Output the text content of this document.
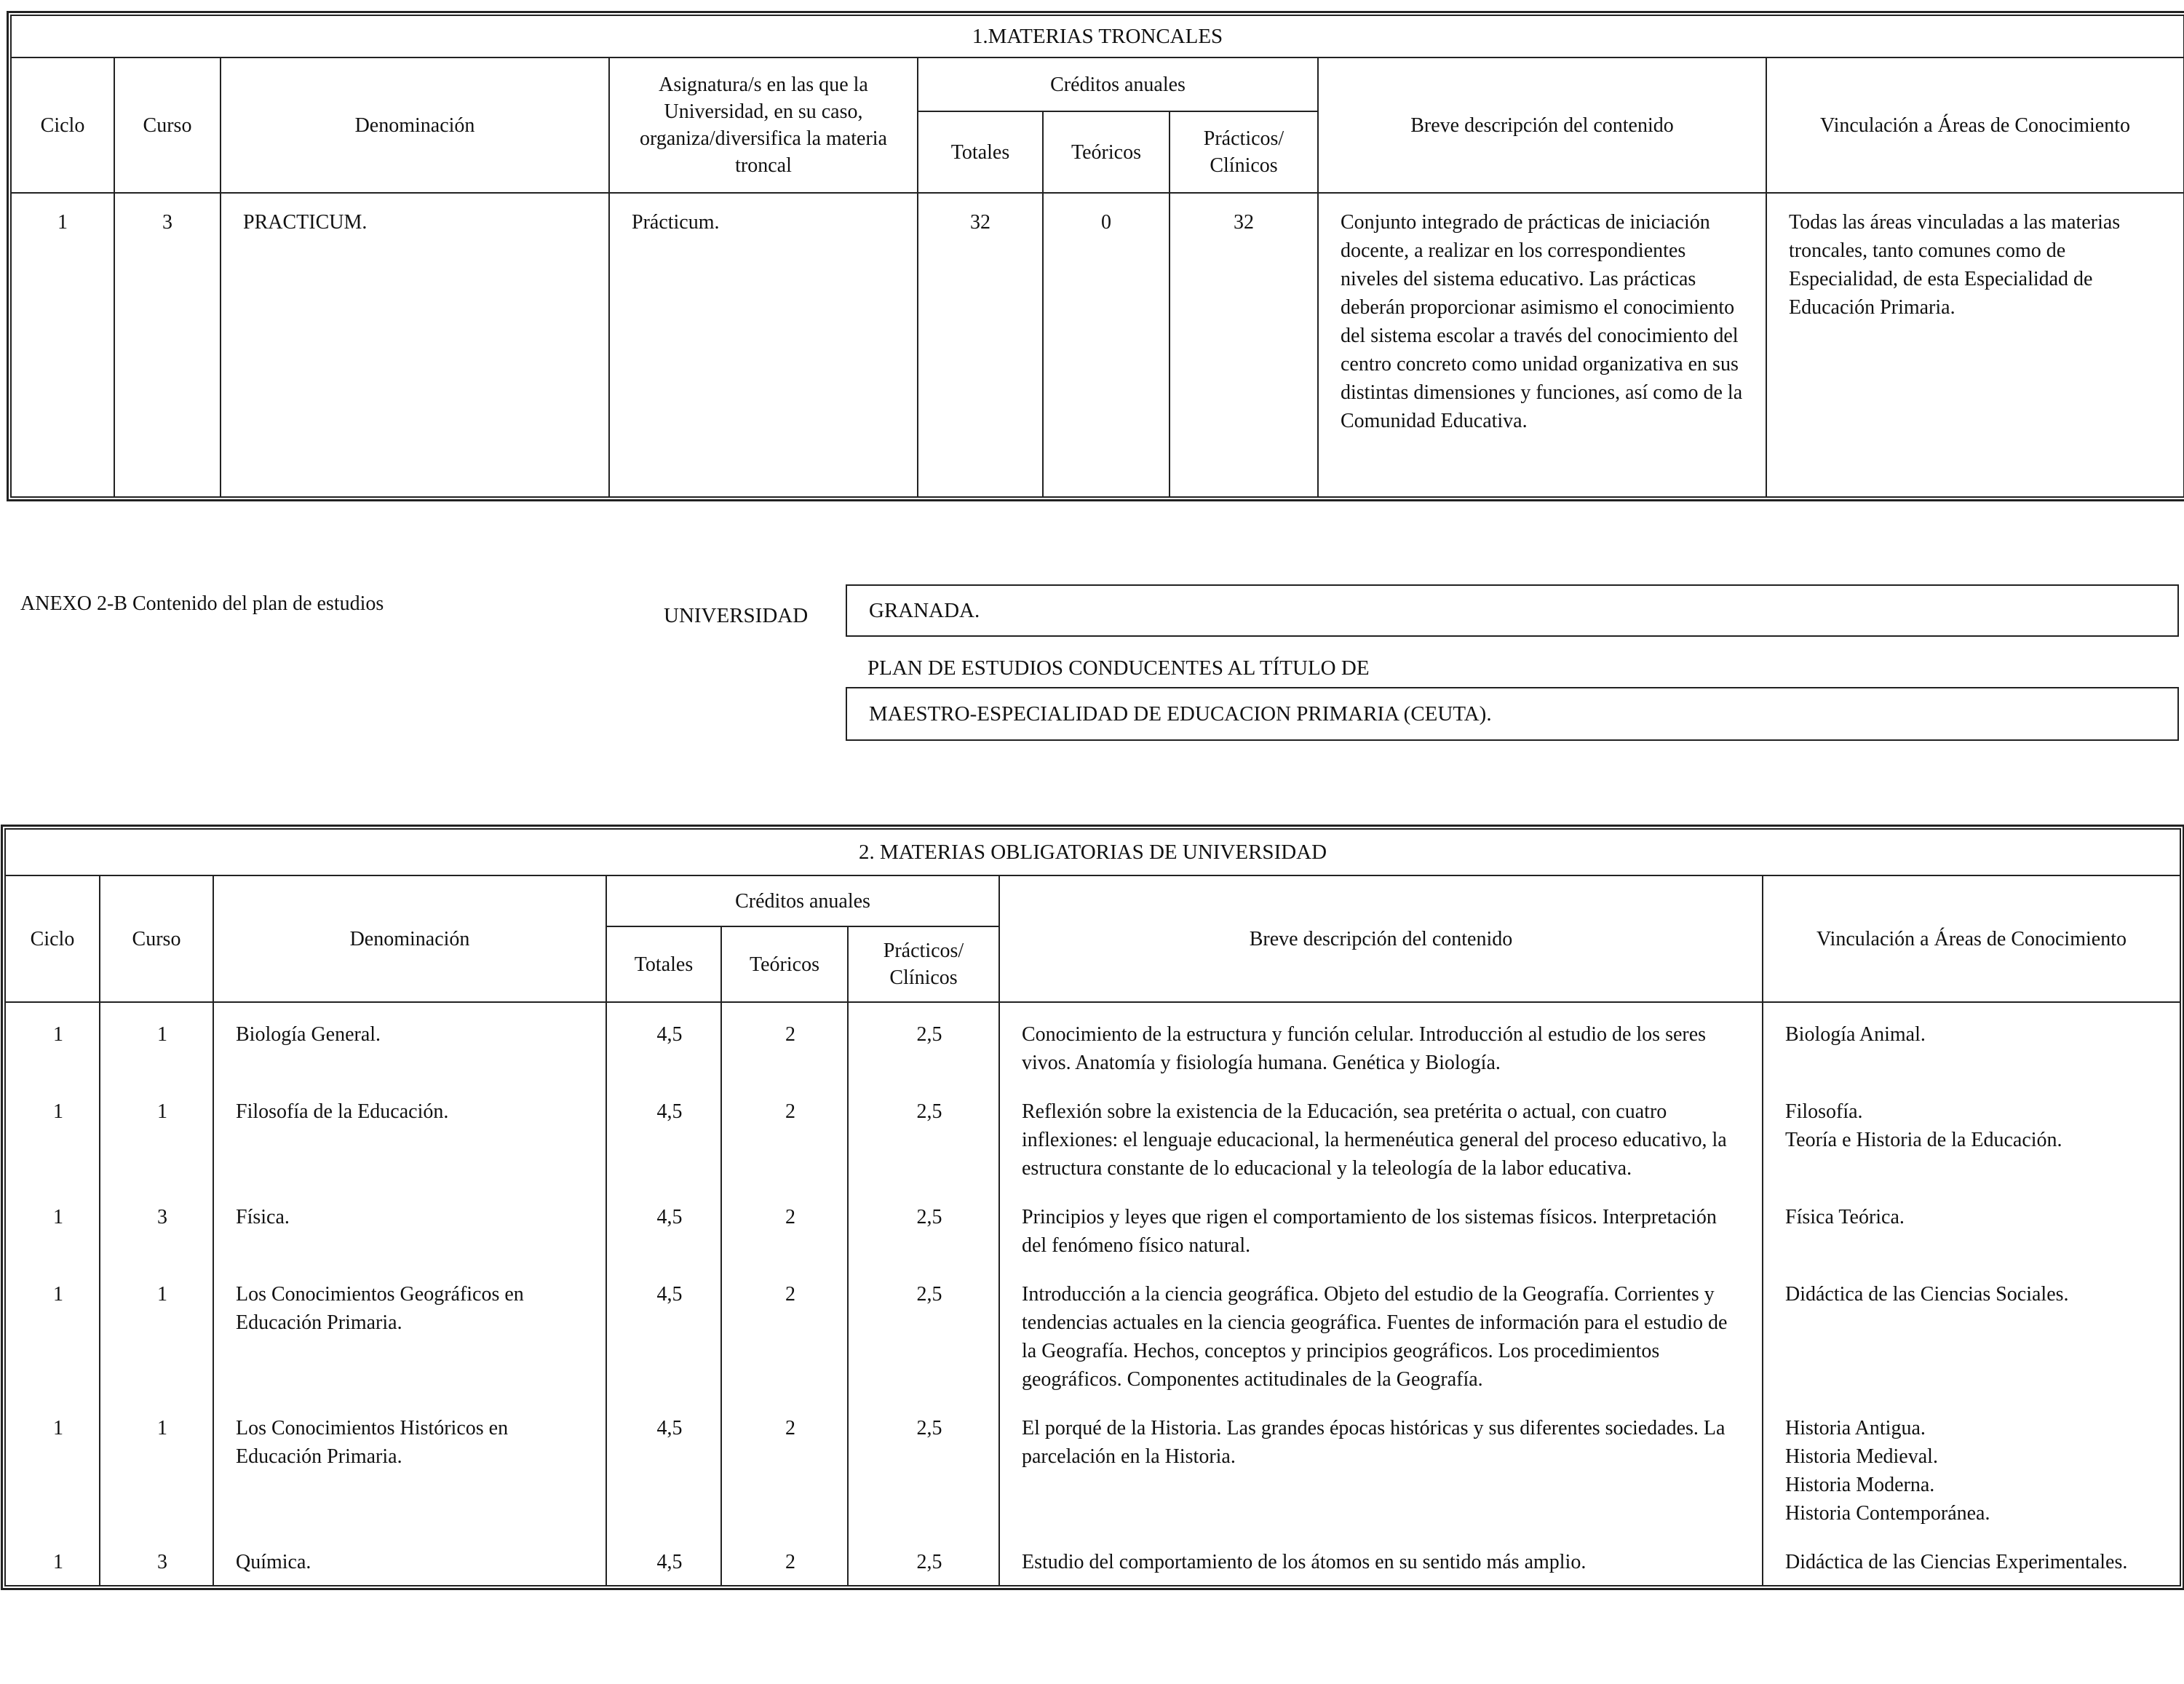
1.MATERIAS TRONCALES								
Ciclo	Curso	Denominación	Asignatura/s en las que la Universidad, en su caso, organiza/diversifica la materia troncal	Créditos anuales			Breve descripción del contenido	Vinculación a Áreas de Conocimiento
				Totales	Teóricos	Prácticos/ Clínicos		
1	3	PRACTICUM.	Prácticum.	32	0	32	Conjunto integrado de prácticas de iniciación docente, a realizar en los correspondientes niveles del sistema educativo. Las prácticas deberán proporcionar asimismo el conocimiento del sistema escolar a través del conocimiento del centro concreto como unidad organizativa en sus distintas dimensiones y funciones, así como de la Comunidad Educativa.	Todas las áreas vinculadas a las materias troncales, tanto comunes como de Especialidad, de esta Especialidad de Educación Primaria.
ANEXO 2-B Contenido del plan de estudios
UNIVERSIDAD	GRANADA.
PLAN DE ESTUDIOS CONDUCENTES AL TÍTULO DE
MAESTRO-ESPECIALIDAD DE EDUCACION PRIMARIA (CEUTA).
2. MATERIAS OBLIGATORIAS DE UNIVERSIDAD							
Ciclo	Curso	Denominación	Créditos anuales			Breve descripción del contenido	Vinculación a Áreas de Conocimiento
			Totales	Teóricos	Prácticos/ Clínicos		
1	1	Biología General.	4,5	2	2,5	Conocimiento de la estructura y función celular. Introducción al estudio de los seres vivos. Anatomía y fisiología humana. Genética y Biología.	Biología Animal.

1	1	Filosofía de la Educación.	4,5	2	2,5	Reflexión sobre la existencia de la Educación, sea pretérita o actual, con cuatro inflexiones: el lenguaje educacional, la hermenéutica general del proceso educativo, la estructura constante de lo educacional y la teleología de la labor educativa.	Filosofía.
Teoría e Historia de la Educación.

1	3	Física.	4,5	2	2,5	Principios y leyes que rigen el comportamiento de los sistemas físicos. Interpretación del fenómeno físico natural.	Física Teórica.

1	1	Los Conocimientos Geográficos en Educación Primaria.	4,5	2	2,5	Introducción a la ciencia geográfica. Objeto del estudio de la Geografía. Corrientes y tendencias actuales en la ciencia geográfica. Fuentes de información para el estudio de la Geografía. Hechos, conceptos y principios geográficos. Los procedimientos geográficos. Componentes actitudinales de la Geografía.	Didáctica de las Ciencias Sociales.

1	1	Los Conocimientos Históricos en Educación Primaria.	4,5	2	2,5	El porqué de la Historia. Las grandes épocas históricas y sus diferentes sociedades. La parcelación en la Historia.	Historia Antigua.
Historia Medieval.
Historia Moderna.
Historia Contemporánea.

1	3	Química.	4,5	2	2,5	Estudio del comportamiento de los átomos en su sentido más amplio.	Didáctica de las Ciencias Experimentales.
